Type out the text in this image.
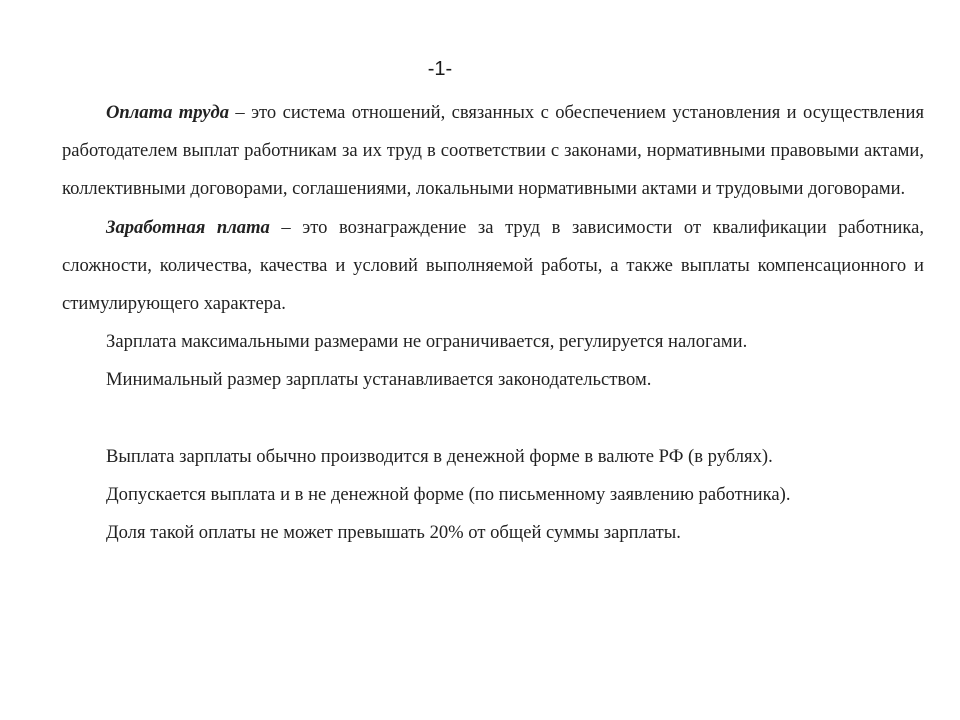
-1-

Оплата труда – это система отношений, связанных с обеспечением установления и осуществления работодателем выплат работникам за их труд в соответствии с законами, нормативными правовыми актами, коллективными договорами, соглашениями, локальными нормативными актами и трудовыми договорами.

Заработная плата – это вознаграждение за труд в зависимости от квалификации работника, сложности, количества, качества и условий выполняемой работы, а также выплаты компенсационного и стимулирующего характера.

Зарплата максимальными размерами не ограничивается, регулируется налогами.

Минимальный размер зарплаты устанавливается законодательством.

Выплата зарплаты обычно производится в денежной форме в валюте РФ (в рублях).

Допускается выплата и в не денежной форме (по письменному заявлению работника).

Доля такой оплаты не может превышать 20% от общей суммы зарплаты.
